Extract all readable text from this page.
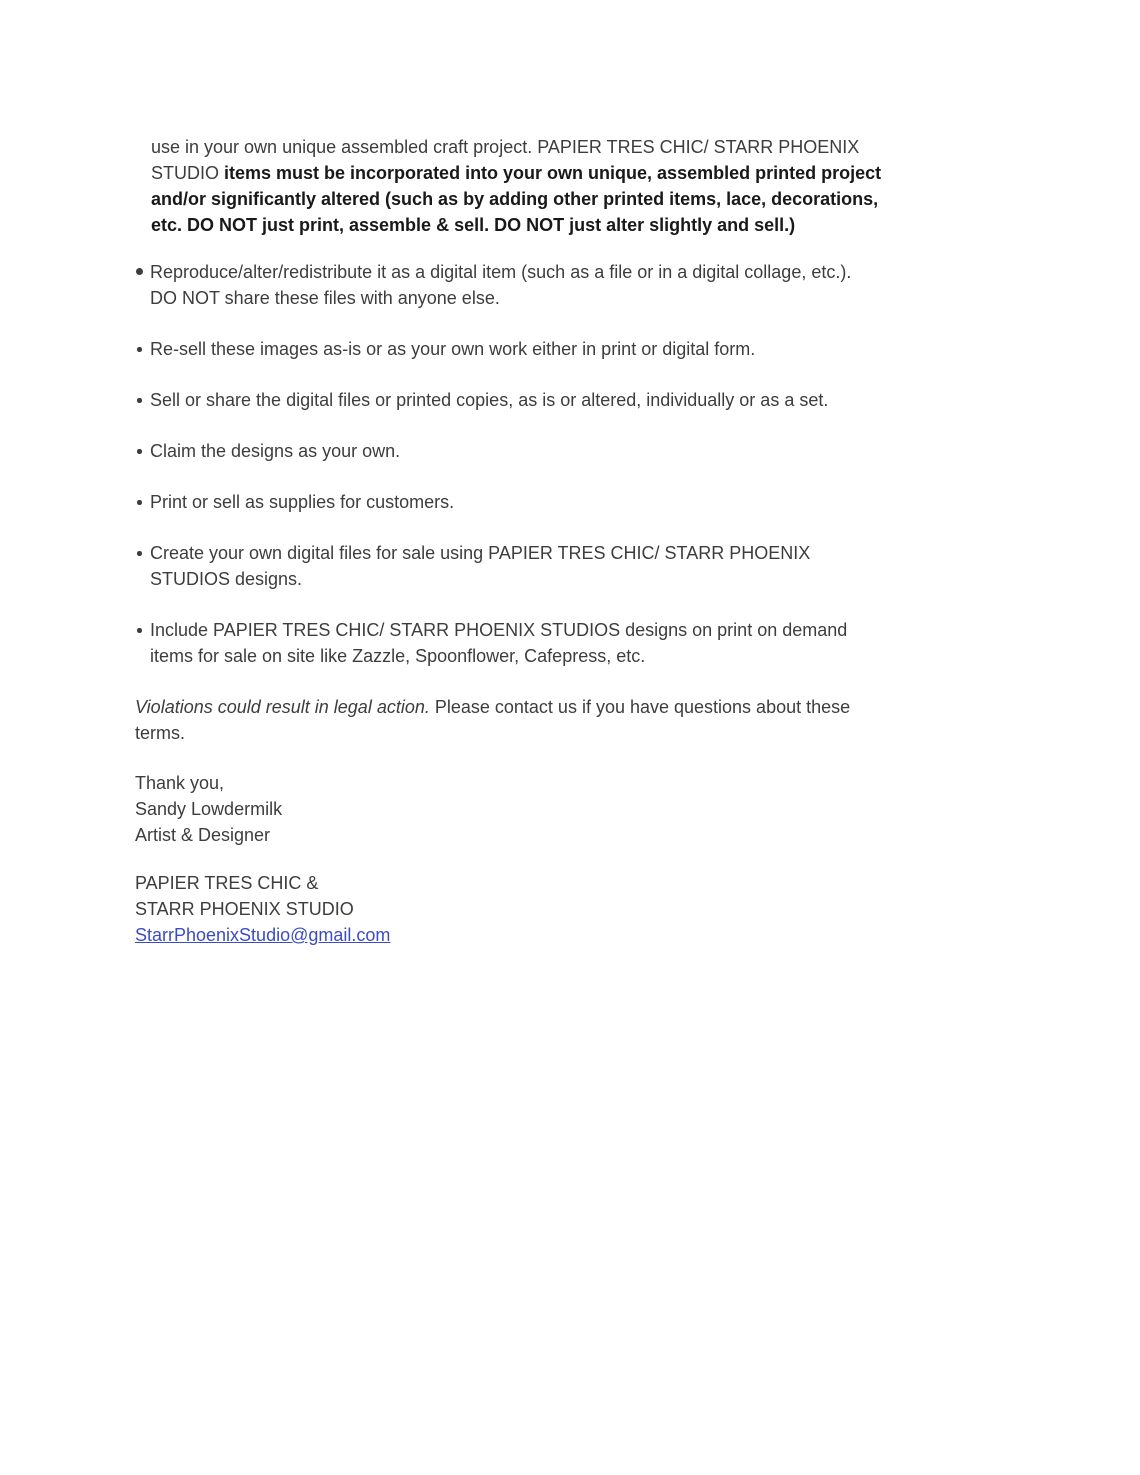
use in your own unique assembled craft project. PAPIER TRES CHIC/ STARR PHOENIX
STUDIO items must be incorporated into your own unique, assembled printed project
and/or significantly altered (such as by adding other printed items, lace, decorations,
etc. DO NOT just print, assemble & sell. DO NOT just alter slightly and sell.)
Reproduce/alter/redistribute it as a digital item (such as a file or in a digital collage, etc.).
DO NOT share these files with anyone else.
Re-sell these images as-is or as your own work either in print or digital form.
Sell or share the digital files or printed copies, as is or altered, individually or as a set.
Claim the designs as your own.
Print or sell as supplies for customers.
Create your own digital files for sale using PAPIER TRES CHIC/ STARR PHOENIX
STUDIOS designs.
Include PAPIER TRES CHIC/ STARR PHOENIX STUDIOS designs on print on demand
items for sale on site like Zazzle, Spoonflower, Cafepress, etc.
Violations could result in legal action. Please contact us if you have questions about these
terms.
Thank you,
Sandy Lowdermilk
Artist & Designer
PAPIER TRES CHIC &
STARR PHOENIX STUDIO
StarrPhoenixStudio@gmail.com
